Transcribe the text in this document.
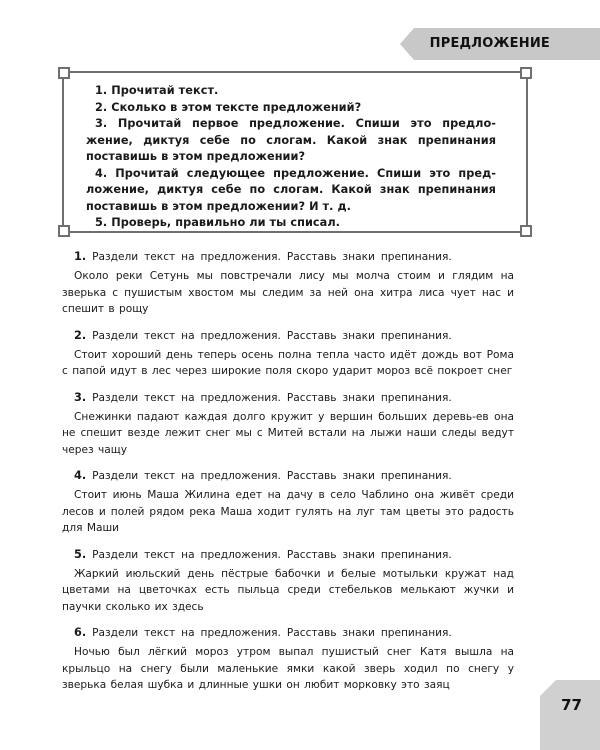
ПРЕДЛОЖЕНИЕ

1. Прочитай текст.

2. Сколько в этом тексте предложений?

3. Прочитай первое предложение. Спиши это предло-жение, диктуя себе по слогам. Какой знак препинания поставишь в этом предложении?

4. Прочитай следующее предложение. Спиши это пред-ложение, диктуя себе по слогам. Какой знак препинания поставишь в этом предложении? И т. д.

5. Проверь, правильно ли ты списал.

1. Раздели текст на предложения. Расставь знаки препинания.

Около реки Сетунь мы повстречали лису мы молча стоим и глядим на зверька с пушистым хвостом мы следим за ней она хитра лиса чует нас и спешит в рощу

2. Раздели текст на предложения. Расставь знаки препинания.

Стоит хороший день теперь осень полна тепла часто идёт дождь вот Рома с папой идут в лес через широкие поля скоро ударит мороз всё покроет снег

3. Раздели текст на предложения. Расставь знаки препинания.

Снежинки падают каждая долго кружит у вершин больших деревь-ев она не спешит везде лежит снег мы с Митей встали на лыжи наши следы ведут через чащу

4. Раздели текст на предложения. Расставь знаки препинания.

Стоит июнь Маша Жилина едет на дачу в село Чаблино она живёт среди лесов и полей рядом река Маша ходит гулять на луг там цветы это радость для Маши

5. Раздели текст на предложения. Расставь знаки препинания.

Жаркий июльский день пёстрые бабочки и белые мотыльки кружат над цветами на цветочках есть пыльца среди стебельков мелькают жучки и паучки сколько их здесь

6. Раздели текст на предложения. Расставь знаки препинания.

Ночью был лёгкий мороз утром выпал пушистый снег Катя вышла на крыльцо на снегу были маленькие ямки какой зверь ходил по снегу у зверька белая шубка и длинные ушки он любит морковку это заяц

77
